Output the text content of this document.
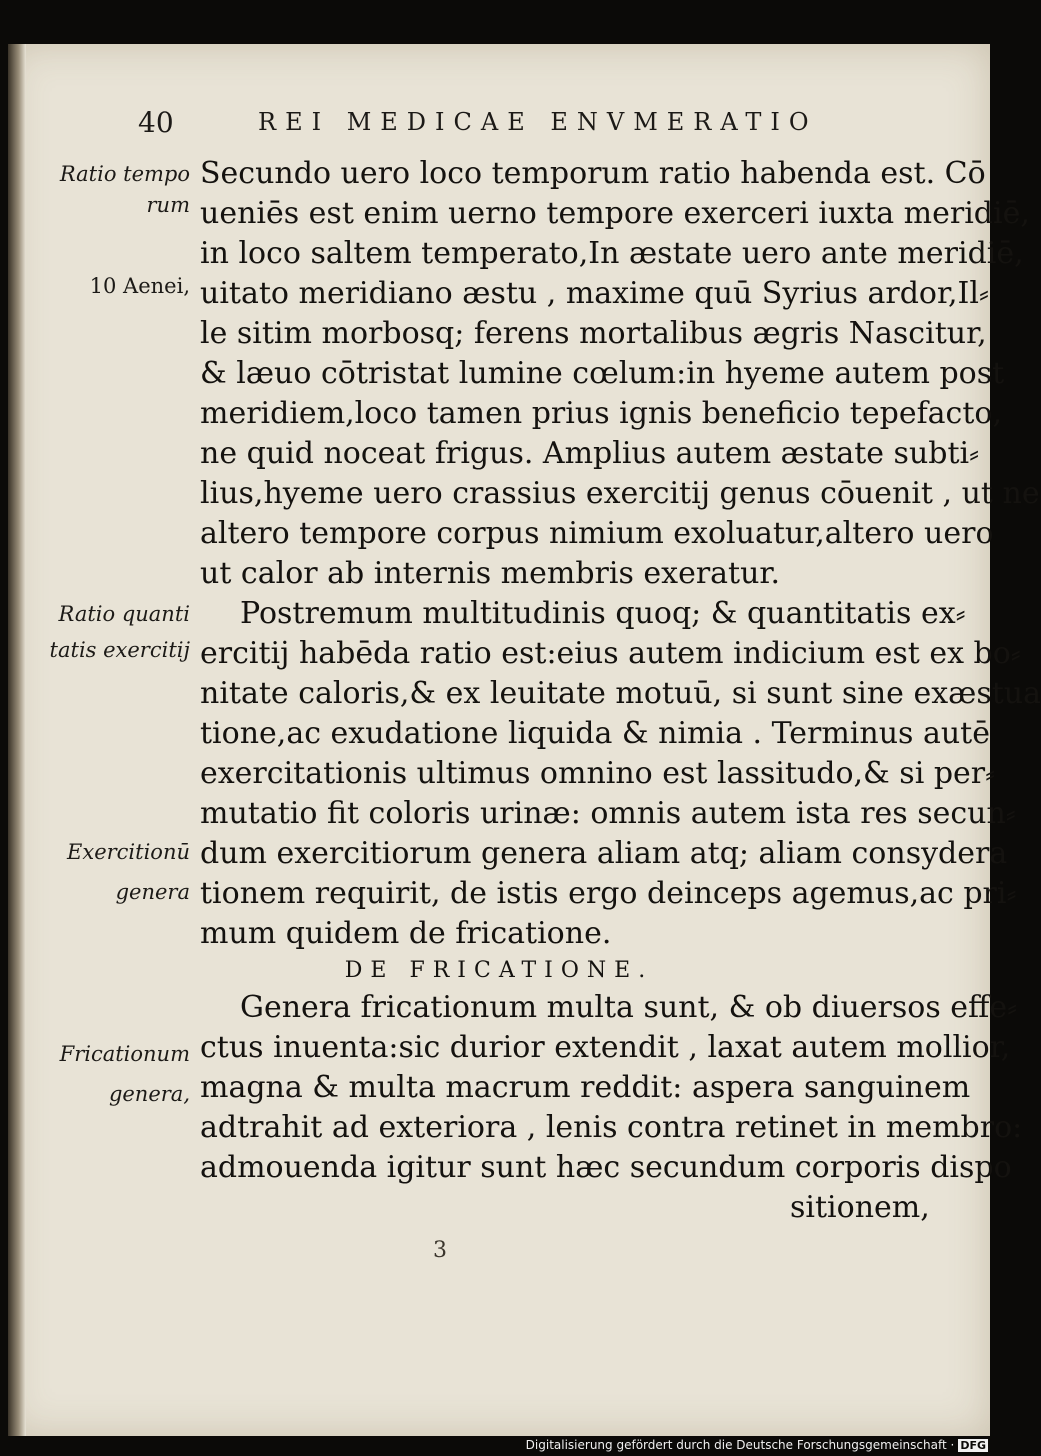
40	REI MEDICAE ENVMERATIO
Ratio tempo
rum
10 Aenei,
Ratio quanti
tatis exercitij
Exercitionū
genera
Fricationum
genera,
Secundo uero loco temporum ratio habenda est. Cō
ueniēs est enim uerno tempore exerceri iuxta meridiē,
in loco saltem temperato,In æstate uero ante meridiē,
uitato meridiano æstu , maxime quū Syrius ardor,Il⸗
le sitim morbosq; ferens mortalibus ægris Nascitur,
& læuo cōtristat lumine cœlum:in hyeme autem post
meridiem,loco tamen prius ignis beneficio tepefacto,
ne quid noceat frigus. Amplius autem æstate subti⸗
lius,hyeme uero crassius exercitij genus cōuenit , ut ne
altero tempore corpus nimium exoluatur,altero uero
ut calor ab internis membris exeratur.
Postremum multitudinis quoq; & quantitatis ex⸗
ercitij habēda ratio est:eius autem indicium est ex bo⸗
nitate caloris,& ex leuitate motuū, si sunt sine exæstua
tione,ac exudatione liquida & nimia . Terminus autē
exercitationis ultimus omnino est lassitudo,& si per⸗
mutatio fit coloris urinæ: omnis autem ista res secun⸗
dum exercitiorum genera aliam atq; aliam consydera
tionem requirit, de istis ergo deinceps agemus,ac pri⸗
mum quidem de fricatione.
DE FRICATIONE.
Genera fricationum multa sunt, & ob diuersos effe⸗
ctus inuenta:sic durior extendit , laxat autem mollior,
magna & multa macrum reddit: aspera sanguinem
adtrahit ad exteriora , lenis contra retinet in membro:
admouenda igitur sunt hæc secundum corporis dispo
sitionem,
3
Digitalisierung gefördert durch die Deutsche Forschungsgemeinschaft · DFG
